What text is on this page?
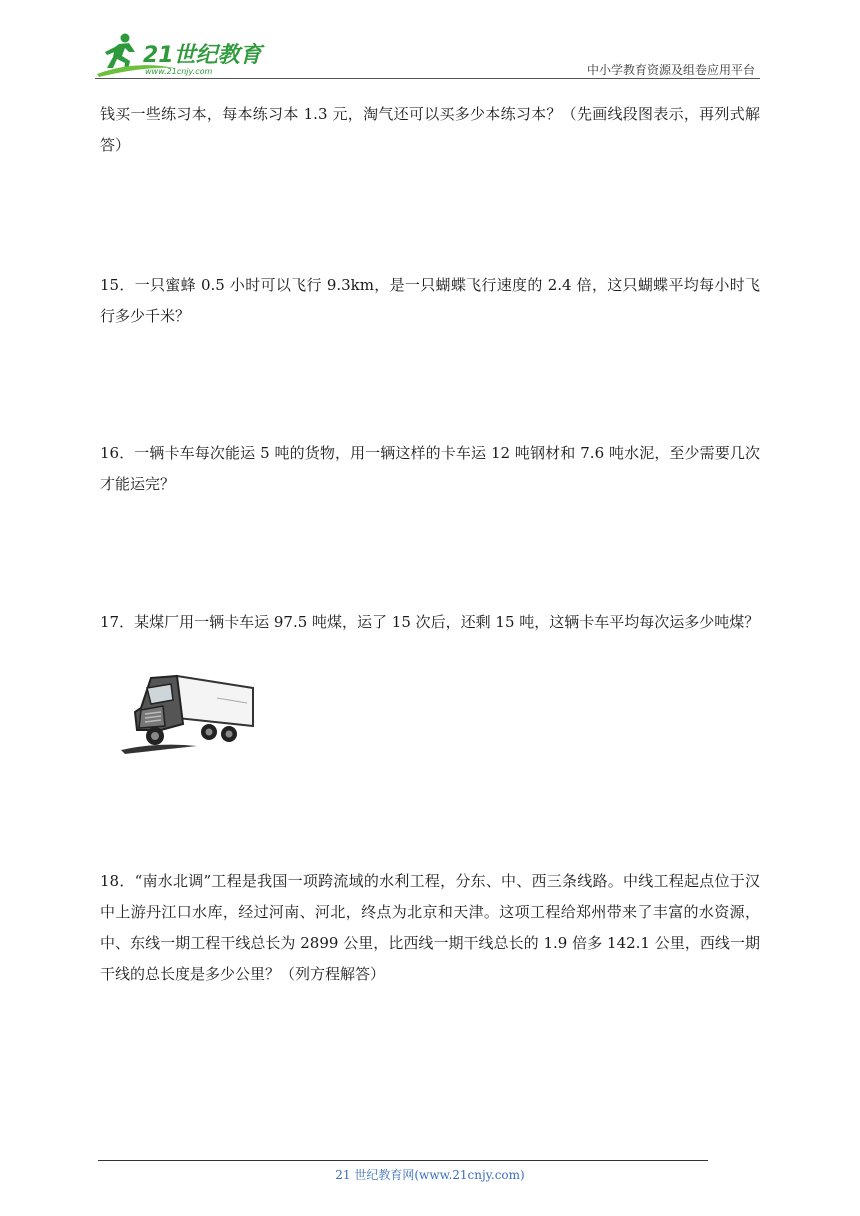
21世纪教育
www.21cnjy.com	中小学教育资源及组卷应用平台

钱买一些练习本，每本练习本 1.3 元，淘气还可以买多少本练习本？（先画线段图表示，再列式解答）

15．一只蜜蜂 0.5 小时可以飞行 9.3km，是一只蝴蝶飞行速度的 2.4 倍，这只蝴蝶平均每小时飞行多少千米？

16．一辆卡车每次能运 5 吨的货物，用一辆这样的卡车运 12 吨钢材和 7.6 吨水泥，至少需要几次才能运完？

17．某煤厂用一辆卡车运 97.5 吨煤，运了 15 次后，还剩 15 吨，这辆卡车平均每次运多少吨煤？

18．“南水北调”工程是我国一项跨流域的水利工程，分东、中、西三条线路。中线工程起点位于汉中上游丹江口水库，经过河南、河北，终点为北京和天津。这项工程给郑州带来了丰富的水资源，中、东线一期工程干线总长为 2899 公里，比西线一期干线总长的 1.9 倍多 142.1 公里，西线一期干线的总长度是多少公里？（列方程解答）

21 世纪教育网(www.21cnjy.com)
